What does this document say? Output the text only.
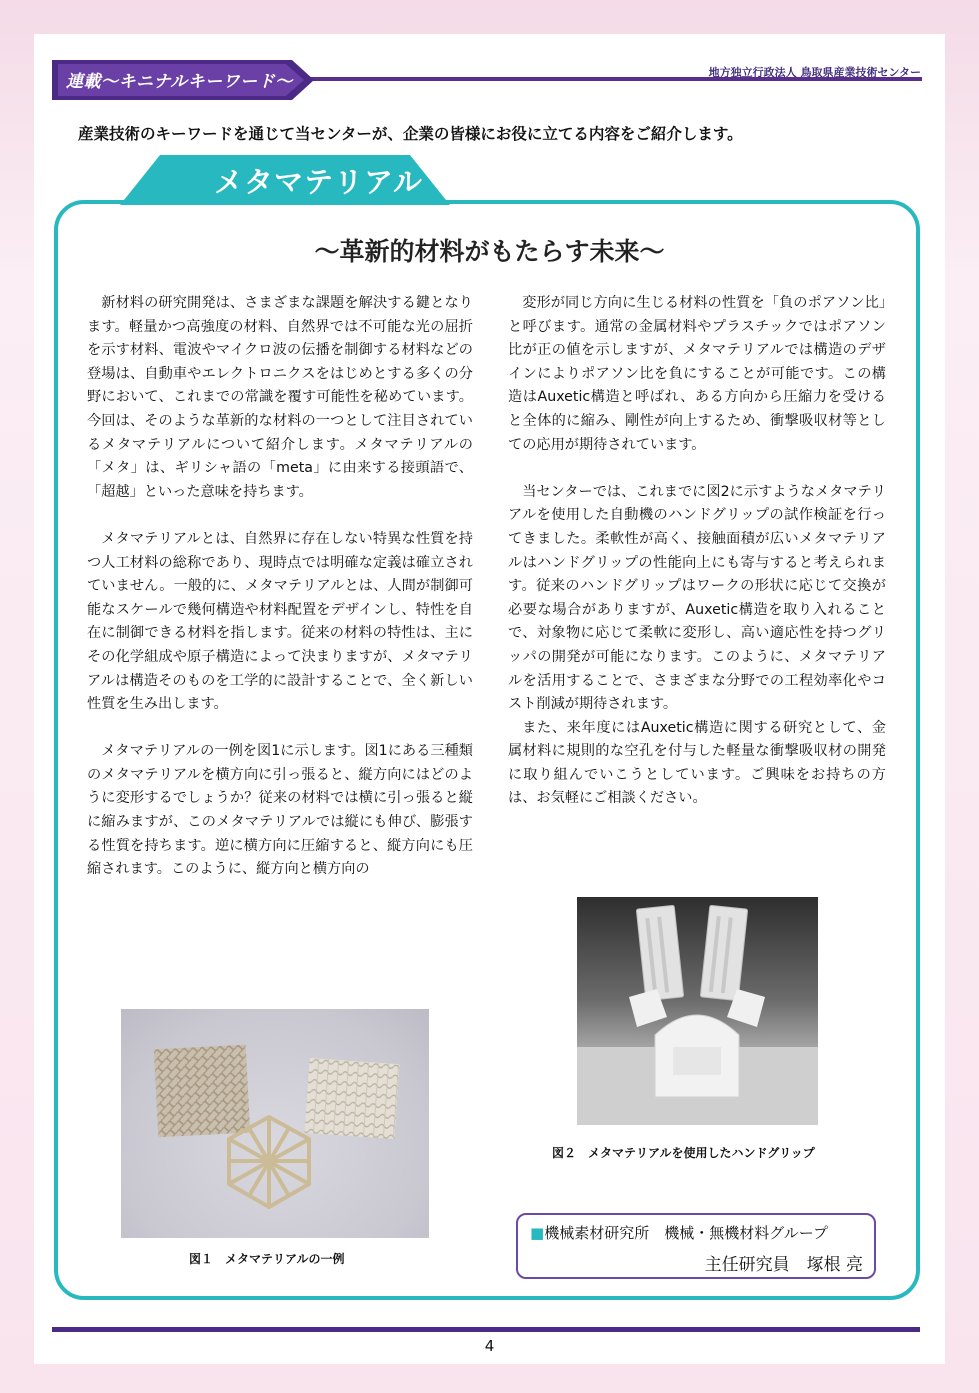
連載〜キニナルキーワード〜	地方独立行政法人 鳥取県産業技術センター
産業技術のキーワードを通じて当センターが、企業の皆様にお役に立てる内容をご紹介します。
メタマテリアル
〜革新的材料がもたらす未来〜

新材料の研究開発は、さまざまな課題を解決する鍵となります。軽量かつ高強度の材料、自然界では不可能な光の屈折を示す材料、電波やマイクロ波の伝播を制御する材料などの登場は、自動車やエレクトロニクスをはじめとする多くの分野において、これまでの常識を覆す可能性を秘めています。今回は、そのような革新的な材料の一つとして注目されているメタマテリアルについて紹介します。メタマテリアルの「メタ」は、ギリシャ語の「meta」に由来する接頭語で、「超越」といった意味を持ちます。

メタマテリアルとは、自然界に存在しない特異な性質を持つ人工材料の総称であり、現時点では明確な定義は確立されていません。一般的に、メタマテリアルとは、人間が制御可能なスケールで幾何構造や材料配置をデザインし、特性を自在に制御できる材料を指します。従来の材料の特性は、主にその化学組成や原子構造によって決まりますが、メタマテリアルは構造そのものを工学的に設計することで、全く新しい性質を生み出します。

メタマテリアルの一例を図1に示します。図1にある三種類のメタマテリアルを横方向に引っ張ると、縦方向にはどのように変形するでしょうか？従来の材料では横に引っ張ると縦に縮みますが、このメタマテリアルでは縦にも伸び、膨張する性質を持ちます。逆に横方向に圧縮すると、縦方向にも圧縮されます。このように、縦方向と横方向の

変形が同じ方向に生じる材料の性質を「負のポアソン比」と呼びます。通常の金属材料やプラスチックではポアソン比が正の値を示しますが、メタマテリアルでは構造のデザインによりポアソン比を負にすることが可能です。この構造はAuxetic構造と呼ばれ、ある方向から圧縮力を受けると全体的に縮み、剛性が向上するため、衝撃吸収材等としての応用が期待されています。

当センターでは、これまでに図2に示すようなメタマテリアルを使用した自動機のハンドグリップの試作検証を行ってきました。柔軟性が高く、接触面積が広いメタマテリアルはハンドグリップの性能向上にも寄与すると考えられます。従来のハンドグリップはワークの形状に応じて交換が必要な場合がありますが、Auxetic構造を取り入れることで、対象物に応じて柔軟に変形し、高い適応性を持つグリッパの開発が可能になります。このように、メタマテリアルを活用することで、さまざまな分野での工程効率化やコスト削減が期待されます。

また、来年度にはAuxetic構造に関する研究として、金属材料に規則的な空孔を付与した軽量な衝撃吸収材の開発に取り組んでいこうとしています。ご興味をお持ちの方は、お気軽にご相談ください。

図１　メタマテリアルの一例
図２　メタマテリアルを使用したハンドグリップ
■機械素材研究所　機械・無機材料グループ
主任研究員　塚根 亮
4
